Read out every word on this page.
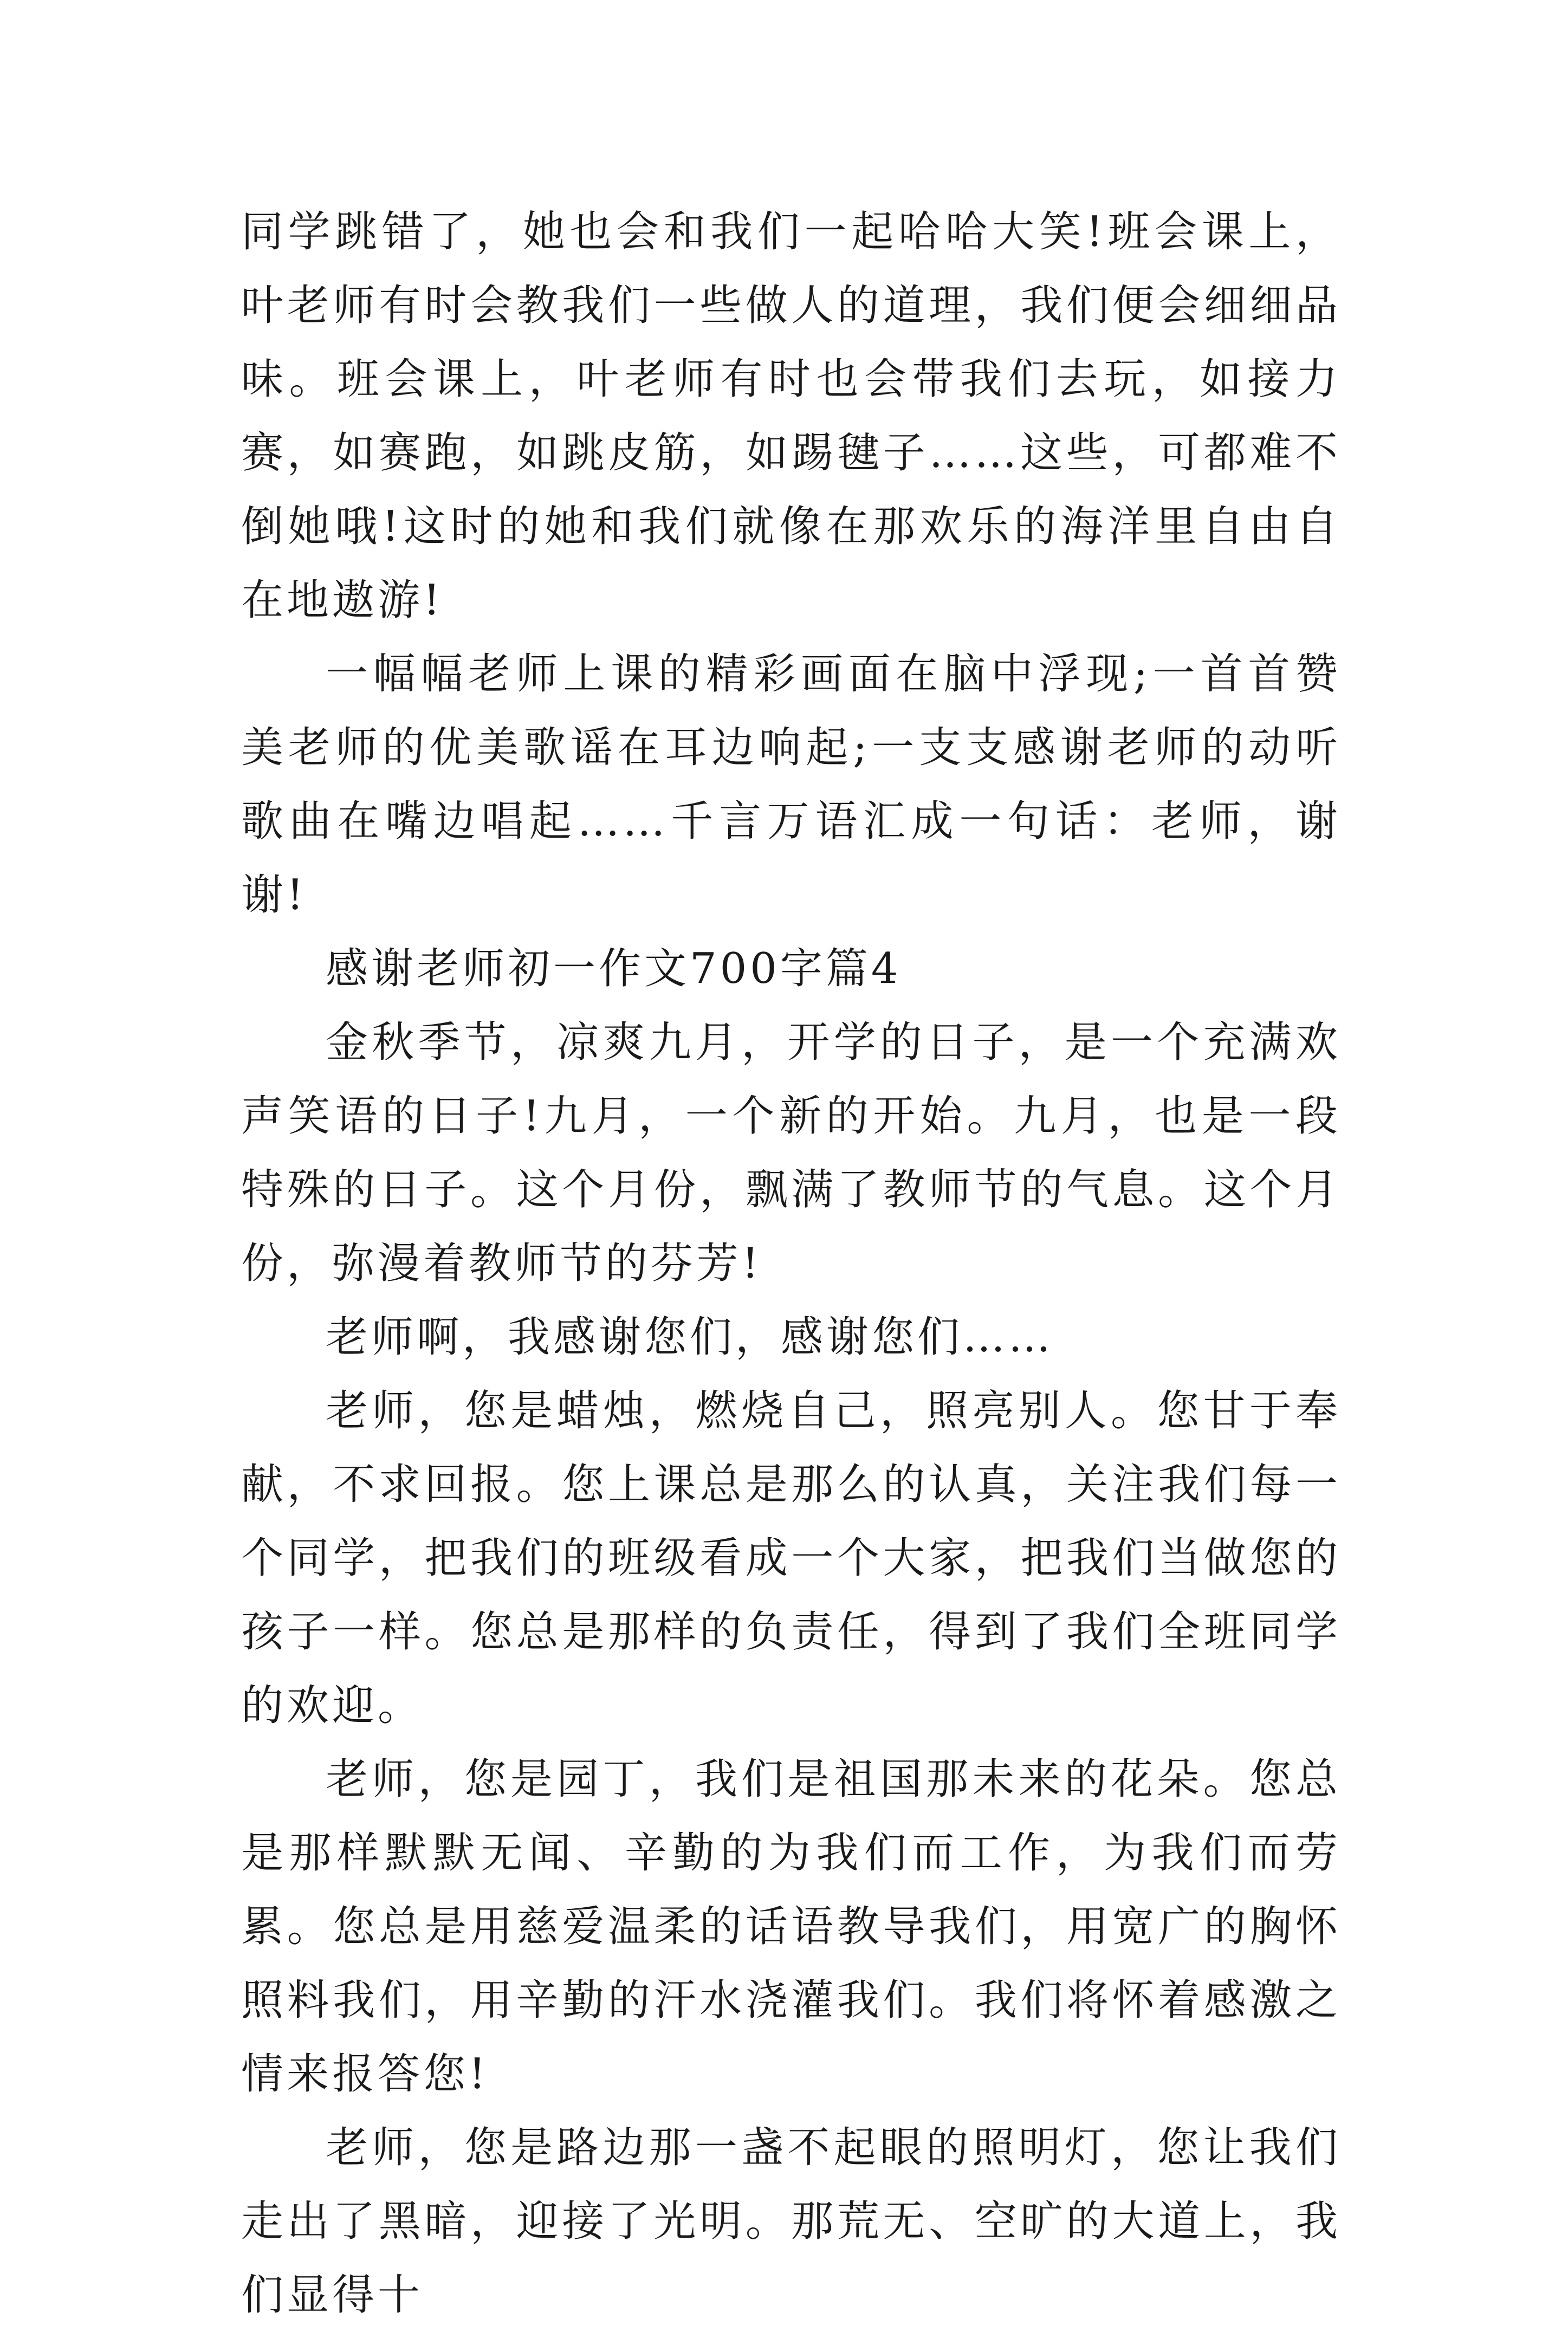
同学跳错了，她也会和我们一起哈哈大笑!班会课上，叶老师有时会教我们一些做人的道理，我们便会细细品味。班会课上，叶老师有时也会带我们去玩，如接力赛，如赛跑，如跳皮筋，如踢毽子……这些，可都难不倒她哦!这时的她和我们就像在那欢乐的海洋里自由自在地遨游!

一幅幅老师上课的精彩画面在脑中浮现;一首首赞美老师的优美歌谣在耳边响起;一支支感谢老师的动听歌曲在嘴边唱起……千言万语汇成一句话：老师，谢谢!

感谢老师初一作文700字篇4

金秋季节，凉爽九月，开学的日子，是一个充满欢声笑语的日子!九月，一个新的开始。九月，也是一段特殊的日子。这个月份，飘满了教师节的气息。这个月份，弥漫着教师节的芬芳!

老师啊，我感谢您们，感谢您们……

老师，您是蜡烛，燃烧自己，照亮别人。您甘于奉献，不求回报。您上课总是那么的认真，关注我们每一个同学，把我们的班级看成一个大家，把我们当做您的孩子一样。您总是那样的负责任，得到了我们全班同学的欢迎。

老师，您是园丁，我们是祖国那未来的花朵。您总是那样默默无闻、辛勤的为我们而工作，为我们而劳累。您总是用慈爱温柔的话语教导我们，用宽广的胸怀照料我们，用辛勤的汗水浇灌我们。我们将怀着感激之情来报答您!

老师，您是路边那一盏不起眼的照明灯，您让我们走出了黑暗，迎接了光明。那荒无、空旷的大道上，我们显得十
